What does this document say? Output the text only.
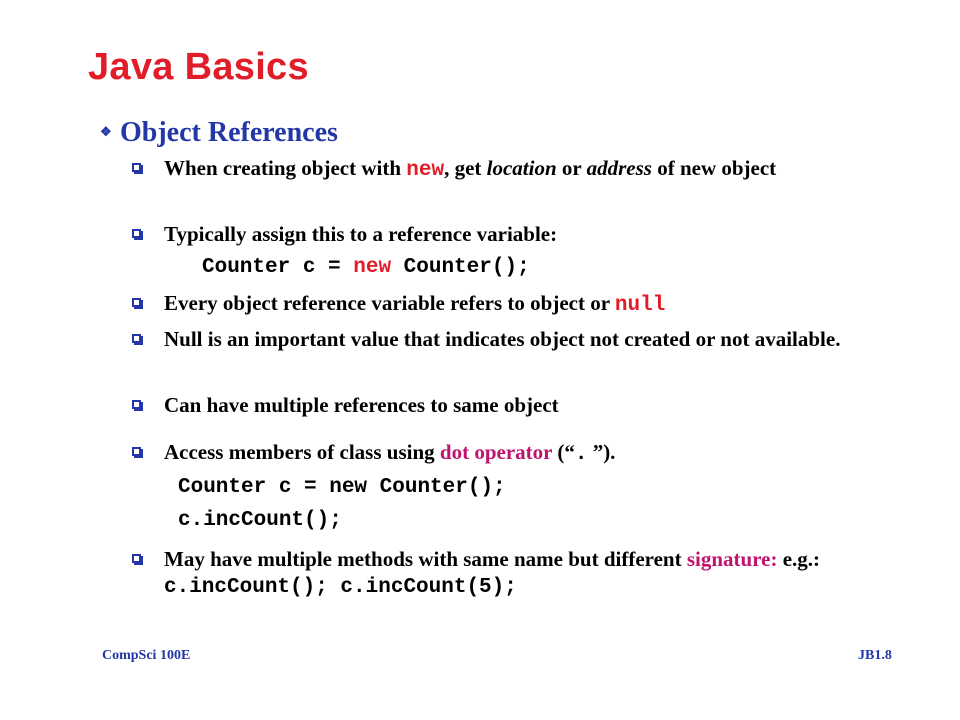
Java Basics
❖ Object References
When creating object with new, get location or address of new object
Typically assign this to a reference variable:
Counter c = new Counter();
Every object reference variable refers to object or null
Null is an important value that indicates object not created or not available.
Can have multiple references to same object
Access members of class using dot operator (“. ”).
Counter c = new Counter();
c.incCount();
May have multiple methods with same name but different signature: e.g.: c.incCount(); c.incCount(5);
CompSci 100E	JB1.8
